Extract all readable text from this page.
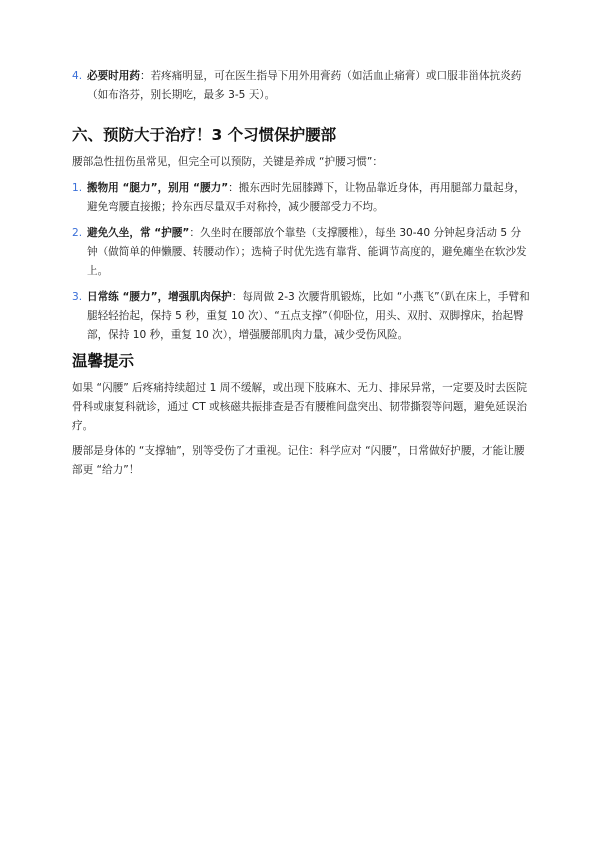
4. 必要时用药：若疼痛明显，可在医生指导下用外用膏药（如活血止痛膏）或口服非甾体抗炎药（如布洛芬，别长期吃，最多 3-5 天）。
六、预防大于治疗！3 个习惯保护腰部

腰部急性扭伤虽常见，但完全可以预防，关键是养成 “护腰习惯”：

1. 搬物用 “腿力”，别用 “腰力”：搬东西时先屈膝蹲下，让物品靠近身体，再用腿部力量起身，避免弯腰直接搬；拎东西尽量双手对称拎，减少腰部受力不均。
2. 避免久坐，常 “护腰”：久坐时在腰部放个靠垫（支撑腰椎），每坐 30-40 分钟起身活动 5 分钟（做简单的伸懒腰、转腰动作）；选椅子时优先选有靠背、能调节高度的，避免瘫坐在软沙发上。
3. 日常练 “腰力”，增强肌肉保护：每周做 2-3 次腰背肌锻炼，比如 “小燕飞”（趴在床上，手臂和腿轻轻抬起，保持 5 秒，重复 10 次）、“五点支撑”（仰卧位，用头、双肘、双脚撑床，抬起臀部，保持 10 秒，重复 10 次），增强腰部肌肉力量，减少受伤风险。
温馨提示

如果 “闪腰” 后疼痛持续超过 1 周不缓解，或出现下肢麻木、无力、排尿异常，一定要及时去医院骨科或康复科就诊，通过 CT 或核磁共振排查是否有腰椎间盘突出、韧带撕裂等问题，避免延误治疗。

腰部是身体的 “支撑轴”，别等受伤了才重视。记住：科学应对 “闪腰”，日常做好护腰，才能让腰部更 “给力”！
